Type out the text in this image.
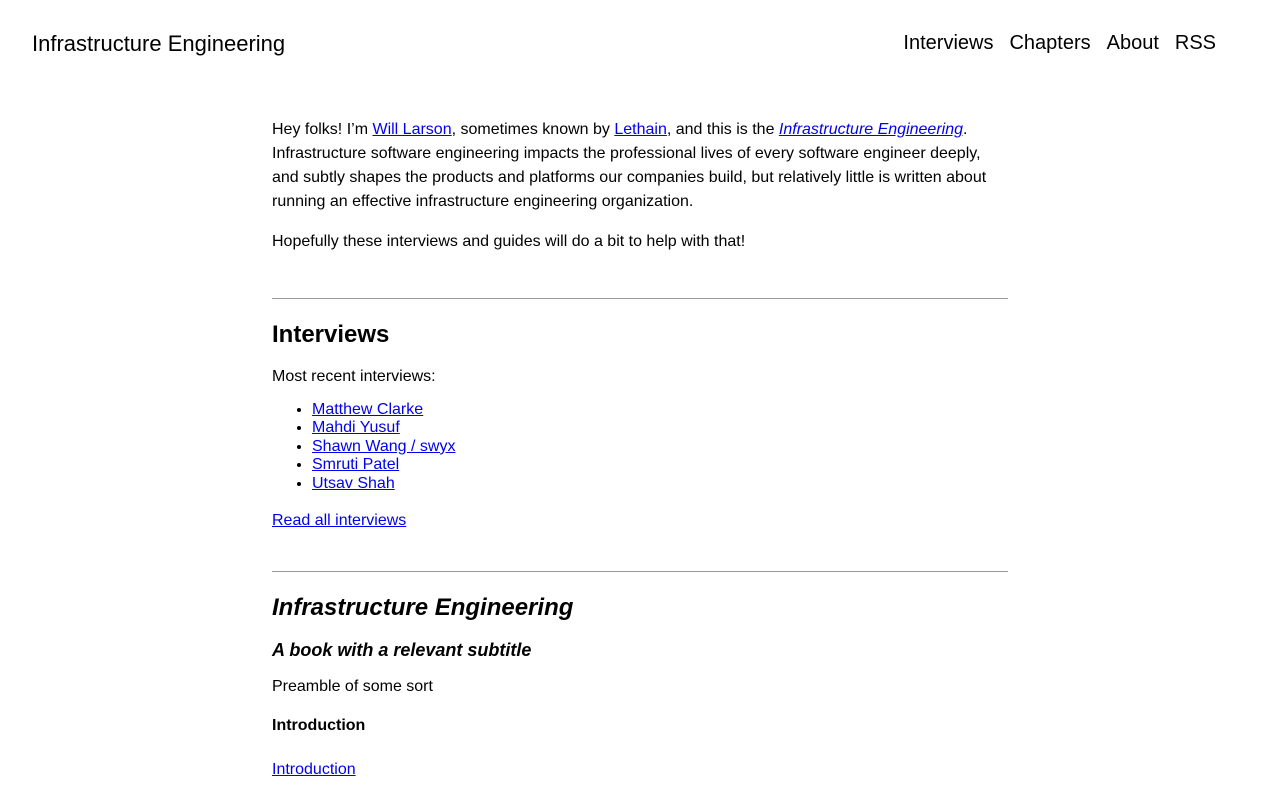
Infrastructure Engineering	Interviews Chapters About RSS

Hey folks! I’m Will Larson, sometimes known by Lethain, and this is the Infrastructure Engineering. Infrastructure software engineering impacts the professional lives of every software engineer deeply, and subtly shapes the products and platforms our companies build, but relatively little is written about running an effective infrastructure engineering organization.

Hopefully these interviews and guides will do a bit to help with that!

Interviews

Most recent interviews:

• Matthew Clarke
• Mahdi Yusuf
• Shawn Wang / swyx
• Smruti Patel
• Utsav Shah
Read all interviews
Infrastructure Engineering
A book with a relevant subtitle

Preamble of some sort

Introduction

Introduction
